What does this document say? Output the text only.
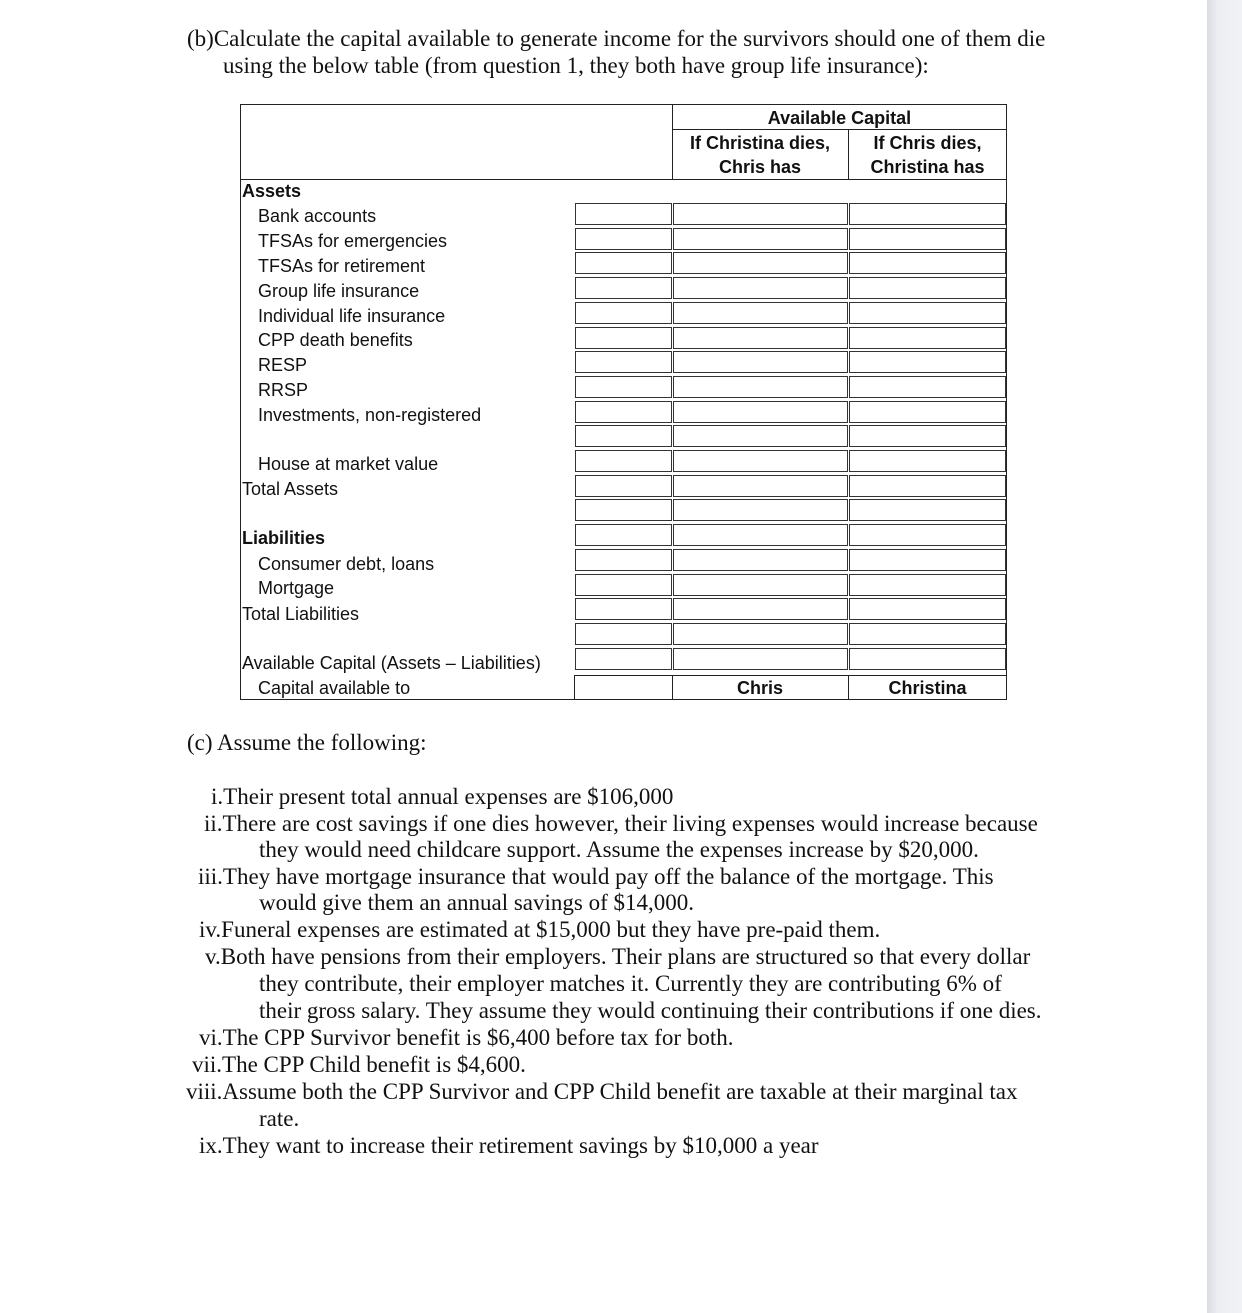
(b)Calculate the capital available to generate income for the survivors should one of them die
using the below table (from question 1, they both have group life insurance):
Available Capital
If Christina dies,
Chris has
If Chris dies,
Christina has
Assets
Bank accounts
TFSAs for emergencies
TFSAs for retirement
Group life insurance
Individual life insurance
CPP death benefits
RESP
RRSP
Investments, non-registered
House at market value
Total Assets
Liabilities
Consumer debt, loans
Mortgage
Total Liabilities
Available Capital (Assets – Liabilities)
Capital available to	Chris	Christina
(c) Assume the following:
i.Their present total annual expenses are $106,000
ii.There are cost savings if one dies however, their living expenses would increase because
they would need childcare support. Assume the expenses increase by $20,000.
iii.They have mortgage insurance that would pay off the balance of the mortgage. This
would give them an annual savings of $14,000.
iv.Funeral expenses are estimated at $15,000 but they have pre-paid them.
v.Both have pensions from their employers. Their plans are structured so that every dollar
they contribute, their employer matches it. Currently they are contributing 6% of
their gross salary. They assume they would continuing their contributions if one dies.
vi.The CPP Survivor benefit is $6,400 before tax for both.
vii.The CPP Child benefit is $4,600.
viii.Assume both the CPP Survivor and CPP Child benefit are taxable at their marginal tax
rate.
ix.They want to increase their retirement savings by $10,000 a year
